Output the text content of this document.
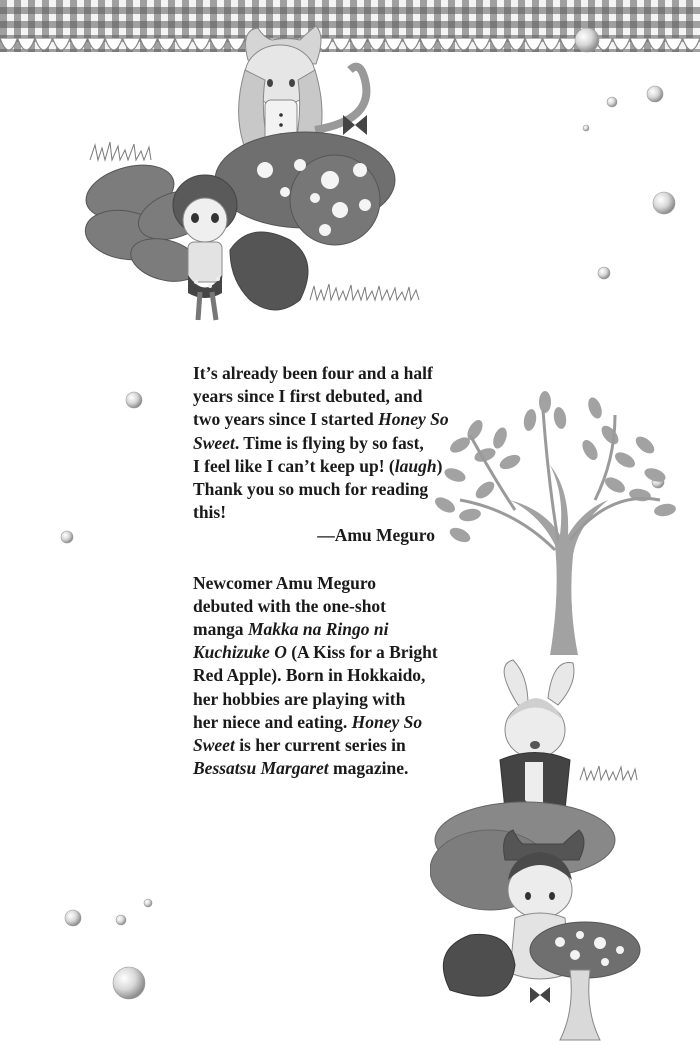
It’s already been four and a half
years since I first debuted, and
two years since I started Honey So
Sweet. Time is flying by so fast,
I feel like I can’t keep up! (laugh)
Thank you so much for reading
this!

—Amu Meguro

Newcomer Amu Meguro
debuted with the one-shot
manga Makka na Ringo ni
Kuchizuke O (A Kiss for a Bright
Red Apple). Born in Hokkaido,
her hobbies are playing with
her niece and eating. Honey So
Sweet is her current series in
Bessatsu Margaret magazine.
